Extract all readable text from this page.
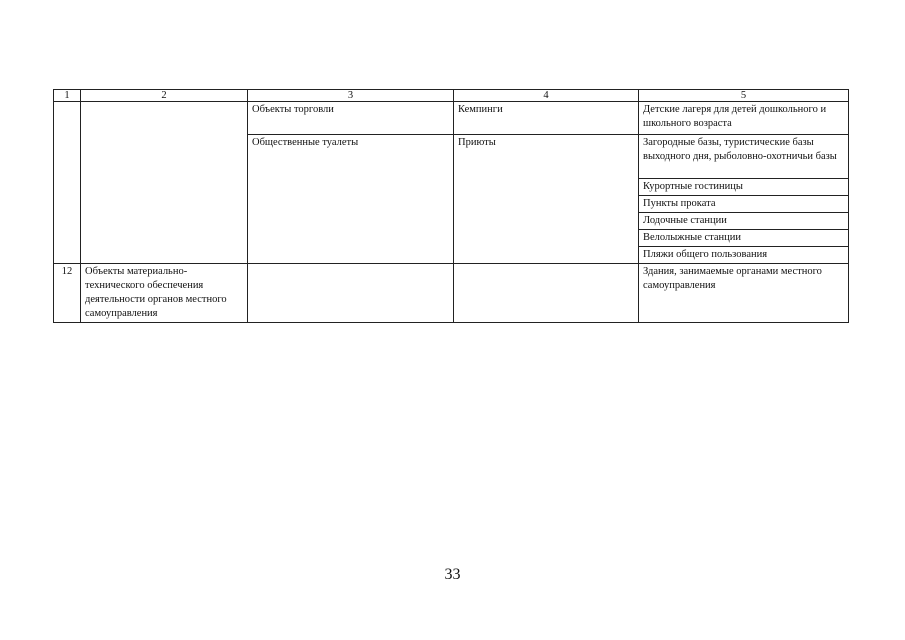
1	2	3	4	5
		Объекты торговли	Кемпинги	Детские лагеря для детей дошкольного и школьного возраста
		Общественные туалеты	Приюты	Загородные базы, туристические базы выходного дня, рыболовно-охотничьи базы
				Курортные гостиницы
				Пункты проката
				Лодочные станции
				Велолыжные станции
				Пляжи общего пользования
12	Объекты материально-технического обеспечения деятельности органов местного самоуправления			Здания, занимаемые органами местного самоуправления
33
